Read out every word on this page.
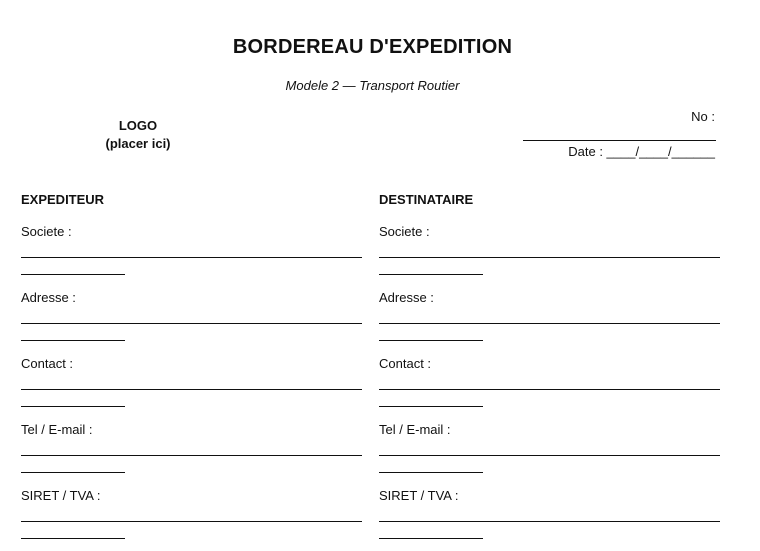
BORDEREAU D'EXPEDITION
Modele 2 — Transport Routier
LOGO
(placer ici)
No :
Date : ____/____/______
EXPEDITEUR
Societe :
Adresse :
Contact :
Tel / E-mail :
SIRET / TVA :
DESTINATAIRE
Societe :
Adresse :
Contact :
Tel / E-mail :
SIRET / TVA :
